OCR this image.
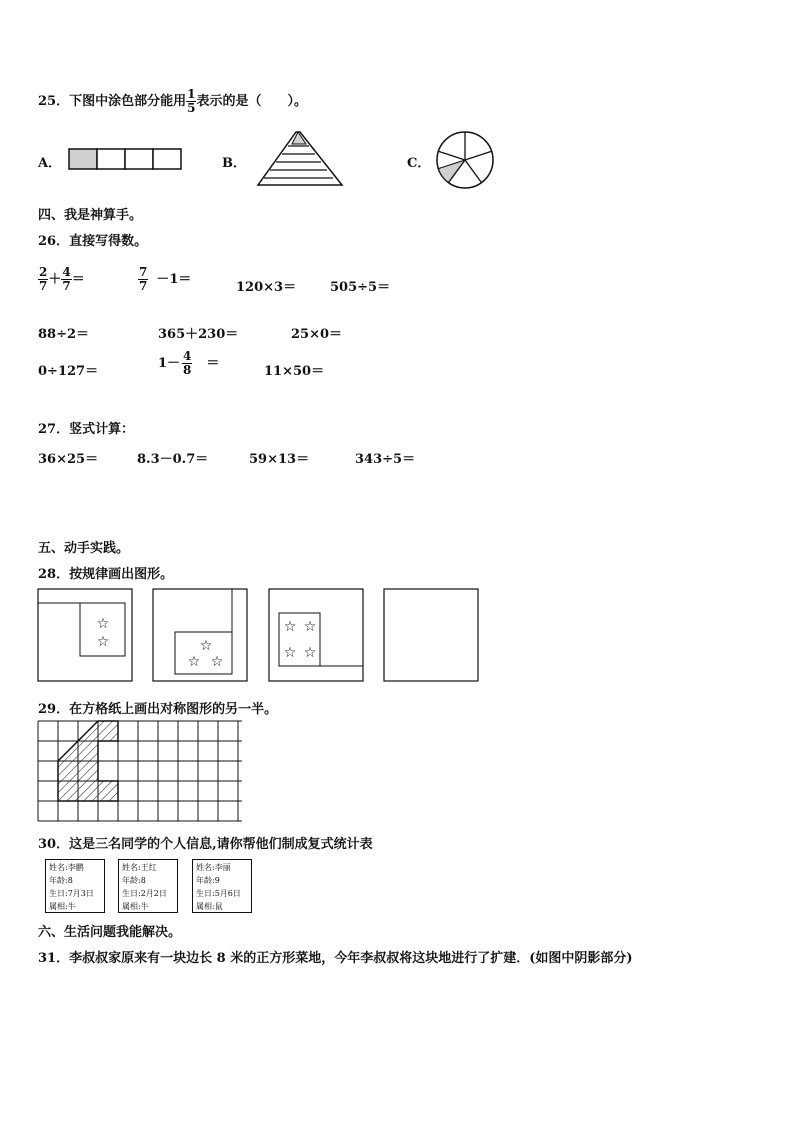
25．下图中涂色部分能用 $\frac{1}{5}$ 表示的是（　　）。
A．	B．	C．
四、我是神算手。
26．直接写得数。
$\frac{2}{7} + \frac{4}{7}$ ＝	$\frac{7}{7} -1=$
120×3＝	505÷5＝
88÷2＝	365＋230＝	25×0＝
0÷127＝
$1- \frac{4}{8}$ ＝
11×50＝
27．竖式计算：
36×25＝	8.3－0.7＝	59×13＝	343÷5＝
五、动手实践。
28．按规律画出图形。
☆
☆	☆
☆ ☆
☆ ☆
☆ ☆
29．在方格纸上画出对称图形的另一半。
30．这是三名同学的个人信息,请你帮他们制成复式统计表
姓名:李鹏
年龄:8
生日:7月3日
属相:牛
姓名:王红
年龄:8
生日:2月2日
属相:牛
姓名:李丽
年龄:9
生日:5月6日
属相:鼠
六、生活问题我能解决。
31．李叔叔家原来有一块边长 8 米的正方形菜地，今年李叔叔将这块地进行了扩建．(如图中阴影部分)
